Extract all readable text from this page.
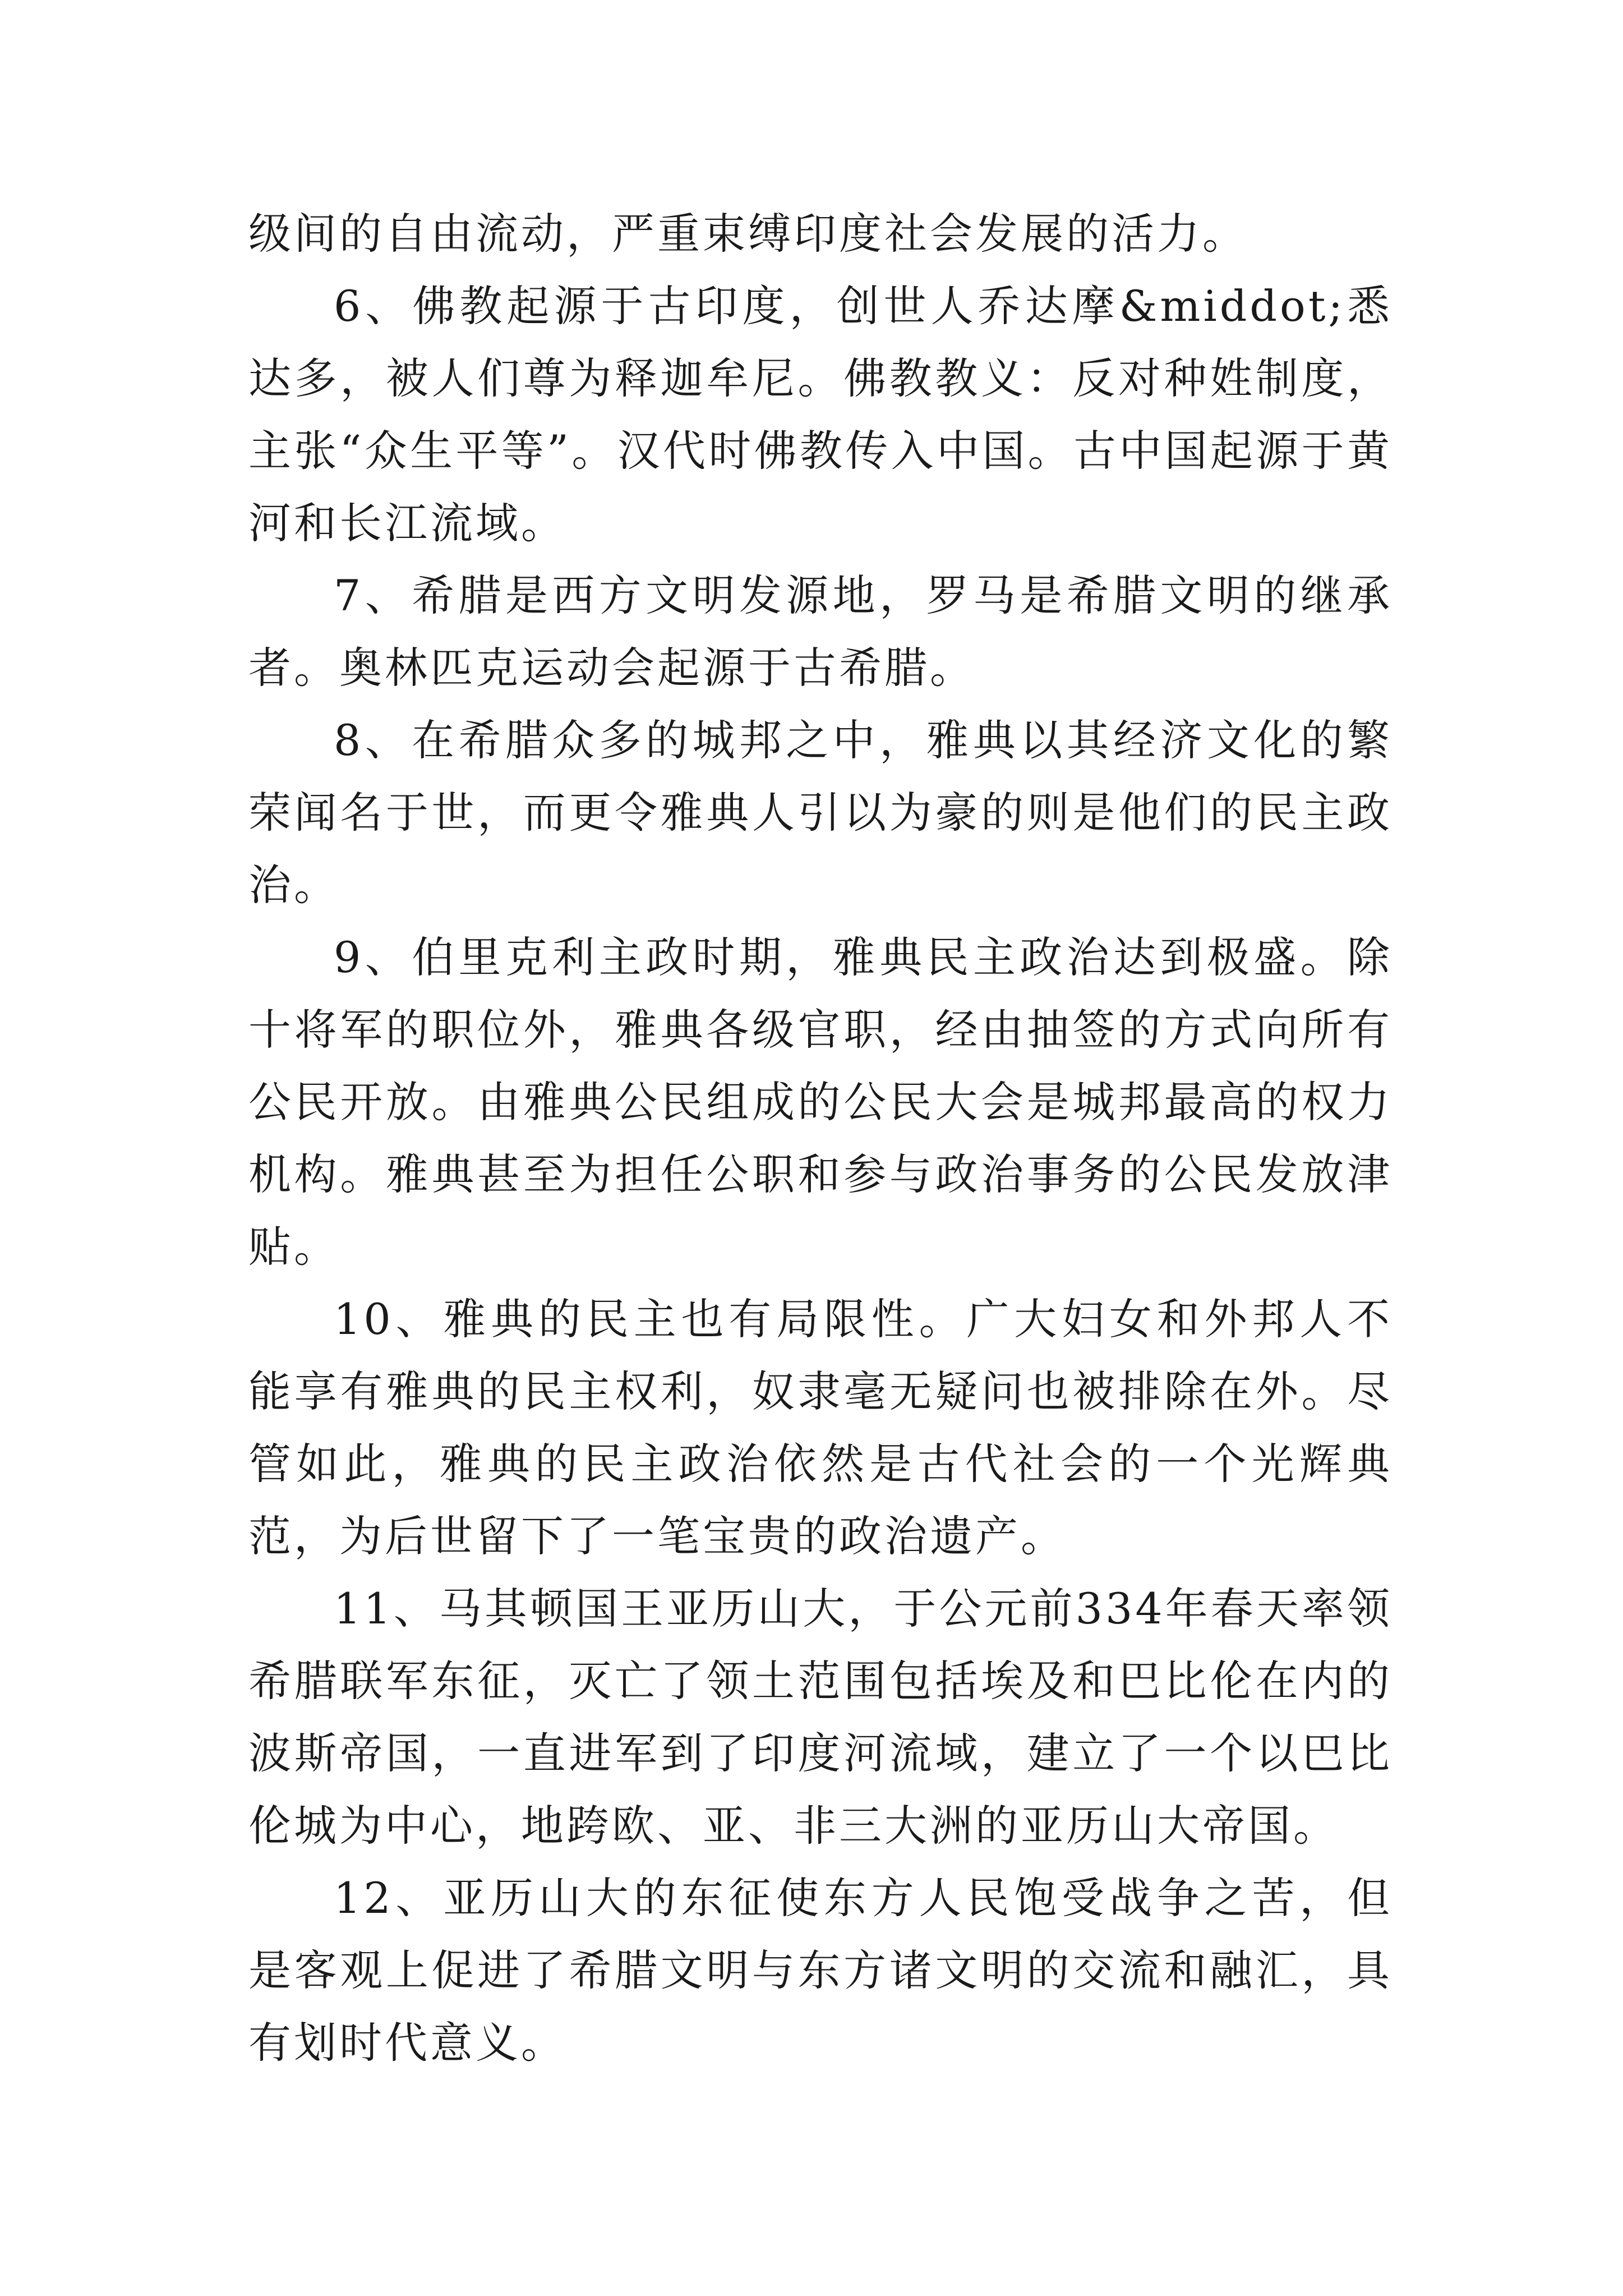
级间的自由流动，严重束缚印度社会发展的活力。

6、佛教起源于古印度，创世人乔达摩&middot;悉达多，被人们尊为释迦牟尼。佛教教义：反对种姓制度，主张“众生平等”。汉代时佛教传入中国。古中国起源于黄河和长江流域。

7、希腊是西方文明发源地，罗马是希腊文明的继承者。奥林匹克运动会起源于古希腊。

8、在希腊众多的城邦之中，雅典以其经济文化的繁荣闻名于世，而更令雅典人引以为豪的则是他们的民主政治。

9、伯里克利主政时期，雅典民主政治达到极盛。除十将军的职位外，雅典各级官职，经由抽签的方式向所有公民开放。由雅典公民组成的公民大会是城邦最高的权力机构。雅典甚至为担任公职和参与政治事务的公民发放津贴。

10、雅典的民主也有局限性。广大妇女和外邦人不能享有雅典的民主权利，奴隶毫无疑问也被排除在外。尽管如此，雅典的民主政治依然是古代社会的一个光辉典范，为后世留下了一笔宝贵的政治遗产。

11、马其顿国王亚历山大，于公元前334年春天率领希腊联军东征，灭亡了领土范围包括埃及和巴比伦在内的波斯帝国，一直进军到了印度河流域，建立了一个以巴比伦城为中心，地跨欧、亚、非三大洲的亚历山大帝国。

12、亚历山大的东征使东方人民饱受战争之苦，但是客观上促进了希腊文明与东方诸文明的交流和融汇，具有划时代意义。
